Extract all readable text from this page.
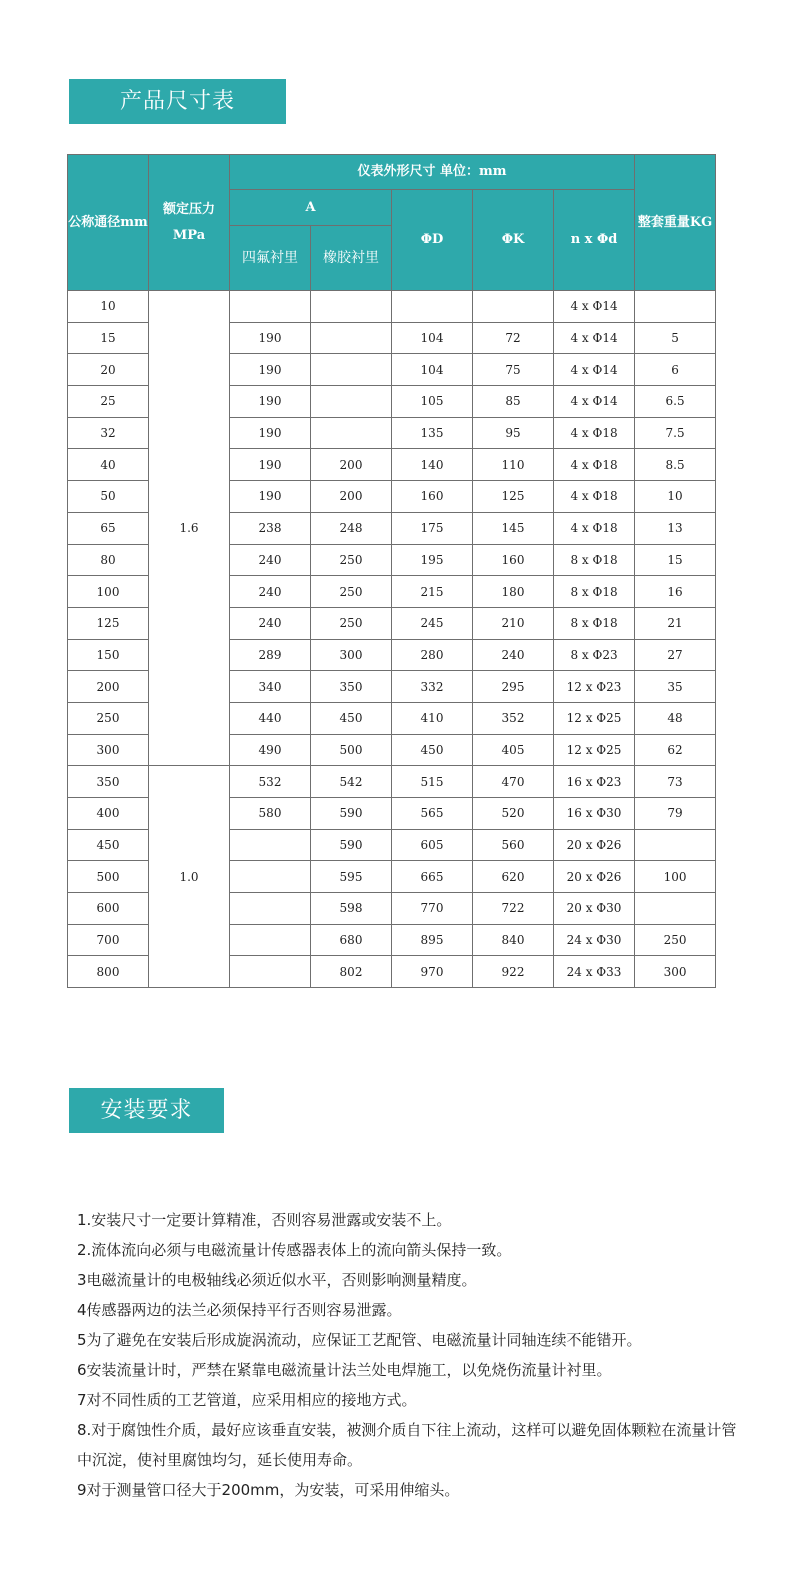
产品尺寸表
公称通径mm	额定压力MPa	仪表外形尺寸 单位：mm					整套重量KG
		A		ΦD	ΦK	n x Φd	
		四氟衬里	橡胶衬里				
10	1.6					4 x Φ14	
15		190		104	72	4 x Φ14	5
20		190		104	75	4 x Φ14	6
25		190		105	85	4 x Φ14	6.5
32		190		135	95	4 x Φ18	7.5
40		190	200	140	110	4 x Φ18	8.5
50		190	200	160	125	4 x Φ18	10
65		238	248	175	145	4 x Φ18	13
80		240	250	195	160	8 x Φ18	15
100		240	250	215	180	8 x Φ18	16
125		240	250	245	210	8 x Φ18	21
150		289	300	280	240	8 x Φ23	27
200		340	350	332	295	12 x Φ23	35
250		440	450	410	352	12 x Φ25	48
300		490	500	450	405	12 x Φ25	62
350	1.0	532	542	515	470	16 x Φ23	73
400		580	590	565	520	16 x Φ30	79
450			590	605	560	20 x Φ26	
500			595	665	620	20 x Φ26	100
600			598	770	722	20 x Φ30	
700			680	895	840	24 x Φ30	250
800			802	970	922	24 x Φ33	300
安装要求

1.安装尺寸一定要计算精准，否则容易泄露或安装不上。

2.流体流向必须与电磁流量计传感器表体上的流向箭头保持一致。

3电磁流量计的电极轴线必须近似水平，否则影响测量精度。

4传感器两边的法兰必须保持平行否则容易泄露。

5为了避免在安装后形成旋涡流动，应保证工艺配管、电磁流量计同轴连续不能错开。

6安装流量计时，严禁在紧靠电磁流量计法兰处电焊施工，以免烧伤流量计衬里。

7对不同性质的工艺管道，应采用相应的接地方式。

8.对于腐蚀性介质，最好应该垂直安装，被测介质自下往上流动，这样可以避免固体颗粒在流量计管中沉淀，使衬里腐蚀均匀，延长使用寿命。

9对于测量管口径大于200mm，为安装，可采用伸缩头。
